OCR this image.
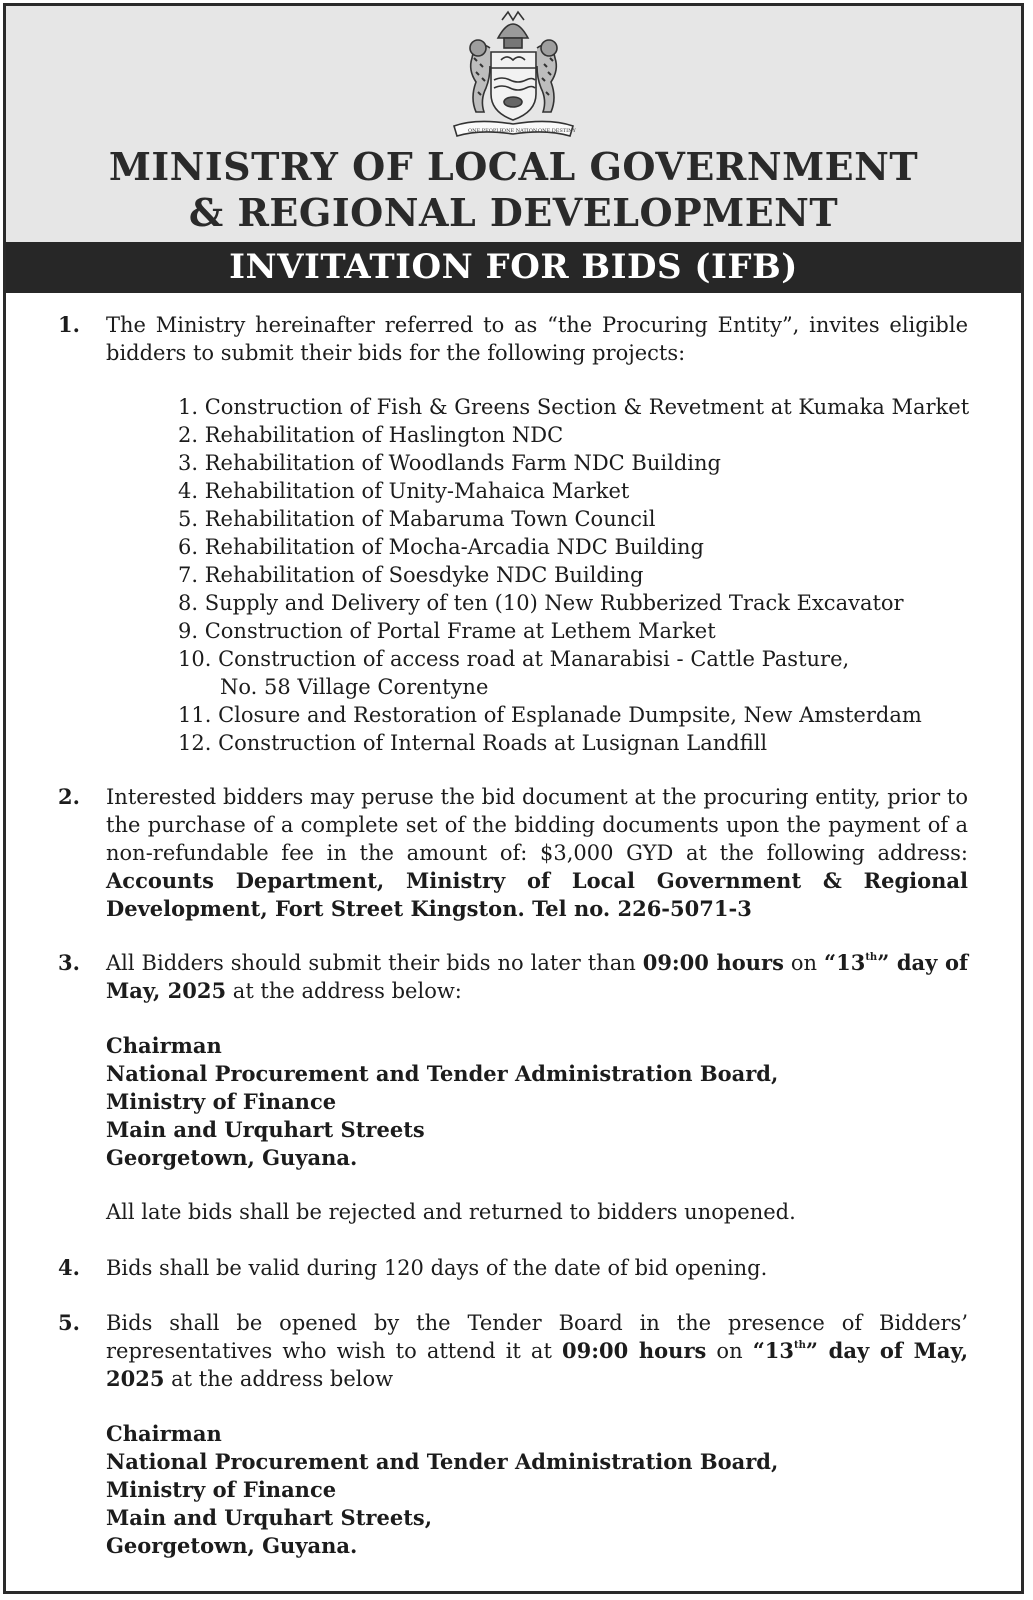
ONE PEOPLE
ONE NATION ONE DESTINY
MINISTRY OF LOCAL GOVERNMENT
& REGIONAL DEVELOPMENT
INVITATION FOR BIDS (IFB)
1. The Ministry hereinafter referred to as “the Procuring Entity”, invites eligible bidders to submit their bids for the following projects:
1. Construction of Fish & Greens Section & Revetment at Kumaka Market
2. Rehabilitation of Haslington NDC
3. Rehabilitation of Woodlands Farm NDC Building
4. Rehabilitation of Unity-Mahaica Market
5. Rehabilitation of Mabaruma Town Council
6. Rehabilitation of Mocha-Arcadia NDC Building
7. Rehabilitation of Soesdyke NDC Building
8. Supply and Delivery of ten (10) New Rubberized Track Excavator
9. Construction of Portal Frame at Lethem Market
10. Construction of access road at Manarabisi - Cattle Pasture,
No. 58 Village Corentyne
11. Closure and Restoration of Esplanade Dumpsite, New Amsterdam
12. Construction of Internal Roads at Lusignan Landfill
2. Interested bidders may peruse the bid document at the procuring entity, prior to the purchase of a complete set of the bidding documents upon the payment of a non-refundable fee in the amount of: $3,000 GYD at the following address: Accounts Department, Ministry of Local Government & Regional Development, Fort Street Kingston. Tel no. 226-5071-3
3. All Bidders should submit their bids no later than 09:00 hours on “13th” day of May, 2025 at the address below:
Chairman
National Procurement and Tender Administration Board,
Ministry of Finance
Main and Urquhart Streets
Georgetown, Guyana.
All late bids shall be rejected and returned to bidders unopened.
4. Bids shall be valid during 120 days of the date of bid opening.
5. Bids shall be opened by the Tender Board in the presence of Bidders’ representatives who wish to attend it at 09:00 hours on “13th” day of May, 2025 at the address below
Chairman
National Procurement and Tender Administration Board,
Ministry of Finance
Main and Urquhart Streets,
Georgetown, Guyana.
